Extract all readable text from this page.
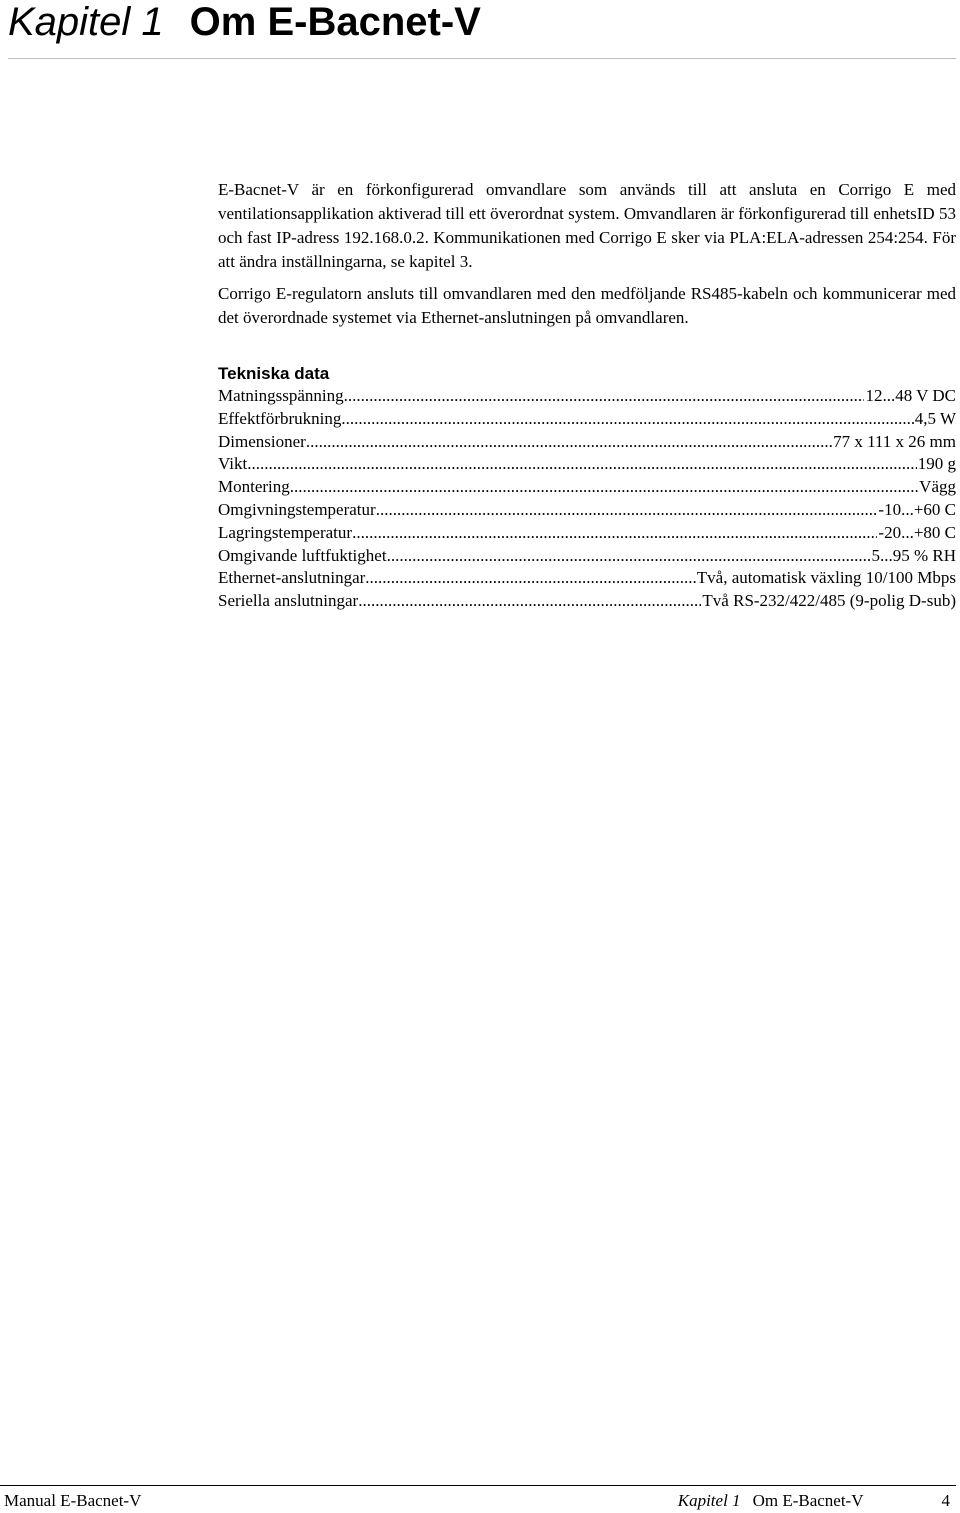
Kapitel 1 Om E-Bacnet-V

E-Bacnet-V är en förkonfigurerad omvandlare som används till att ansluta en Corrigo E med ventilationsapplikation aktiverad till ett överordnat system. Omvandlaren är förkonfigurerad till enhetsID 53 och fast IP-adress 192.168.0.2. Kommunikationen med Corrigo E sker via PLA:ELA-adressen 254:254. För att ändra inställningarna, se kapitel 3.

Corrigo E-regulatorn ansluts till omvandlaren med den medföljande RS485-kabeln och kommunicerar med det överordnade systemet via Ethernet-anslutningen på omvandlaren.

Tekniska data
Matningsspänning .....	12...48 V DC
Effektförbrukning .....	4,5 W
Dimensioner .....	77 x 111 x 26 mm
Vikt .....	190 g
Montering .....	Vägg
Omgivningstemperatur .....	-10...+60 C
Lagringstemperatur .....	-20...+80 C
Omgivande luftfuktighet .....	5...95 % RH
Ethernet-anslutningar .....	Två, automatisk växling 10/100 Mbps
Seriella anslutningar .....	Två RS-232/422/485 (9-polig D-sub)
Manual E-Bacnet-V	Kapitel 1 Om E-Bacnet-V	4
